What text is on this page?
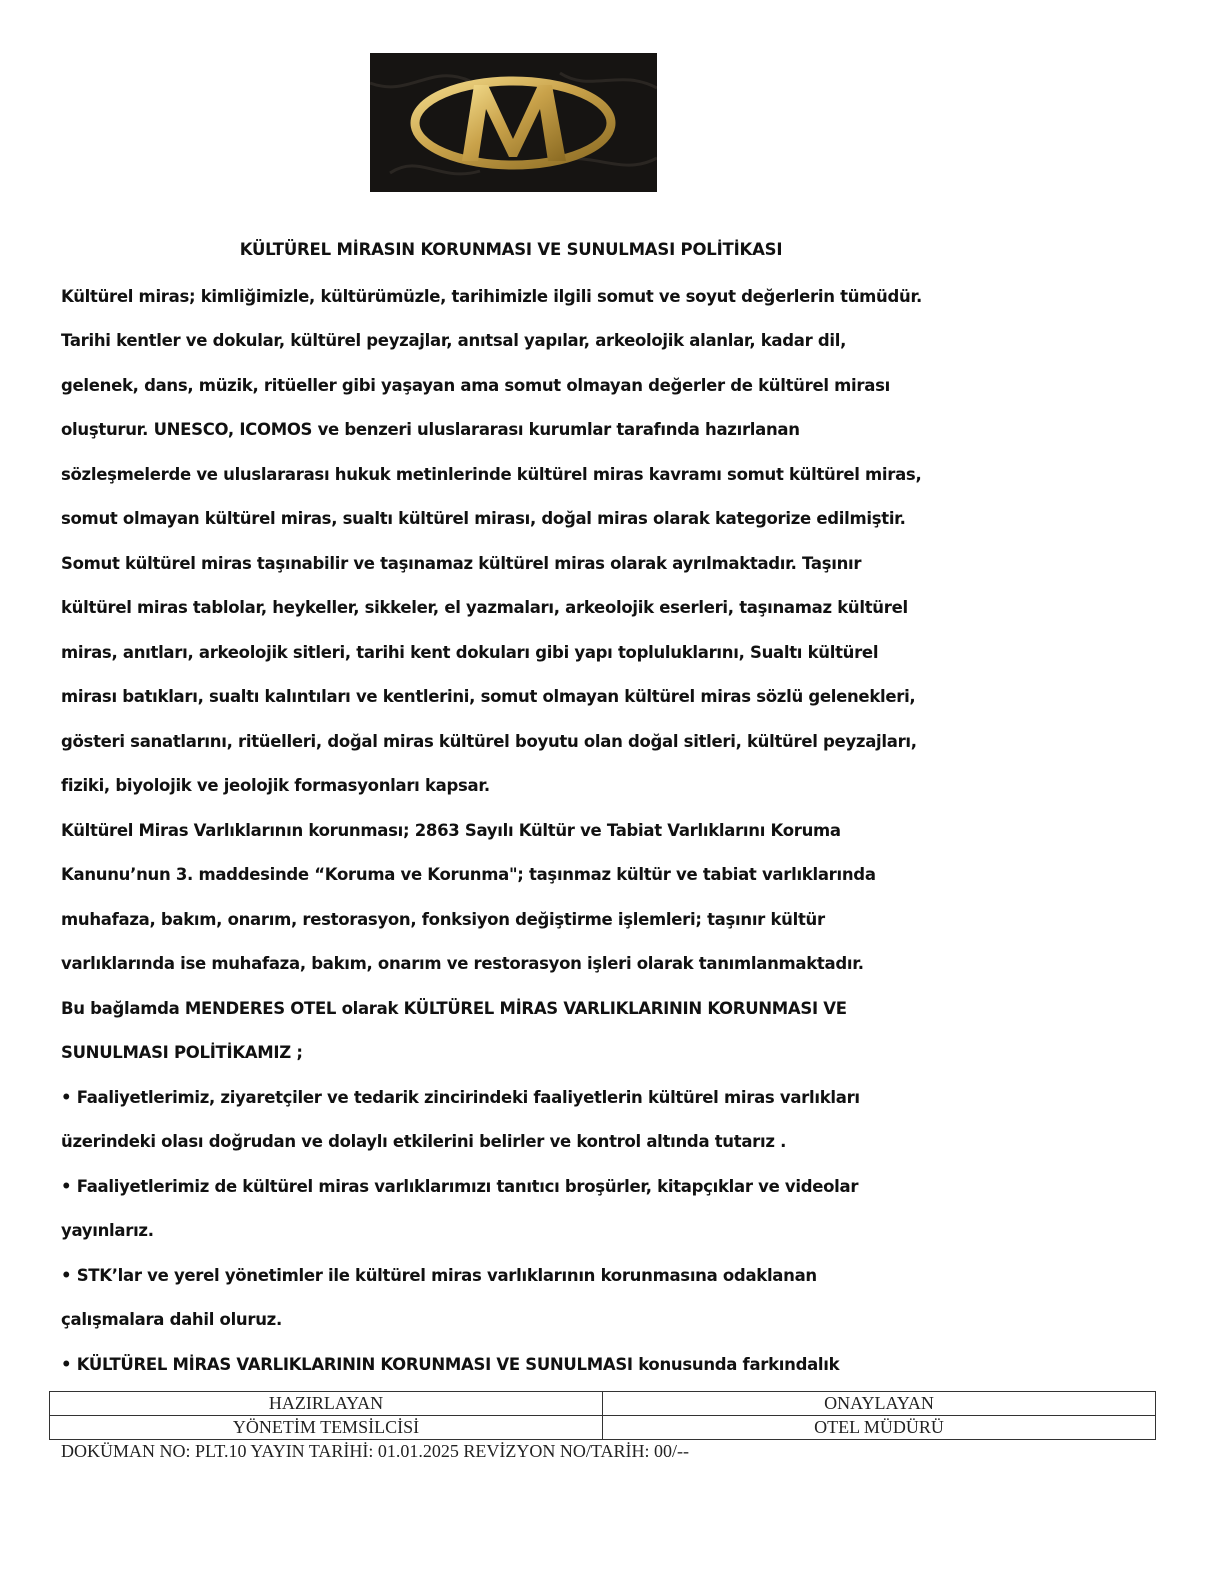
KÜLTÜREL MİRASIN KORUNMASI VE SUNULMASI POLİTİKASI
Kültürel miras; kimliğimizle, kültürümüzle, tarihimizle ilgili somut ve soyut değerlerin tümüdür.
Tarihi kentler ve dokular, kültürel peyzajlar, anıtsal yapılar, arkeolojik alanlar, kadar dil,
gelenek, dans, müzik, ritüeller gibi yaşayan ama somut olmayan değerler de kültürel mirası
oluşturur. UNESCO, ICOMOS ve benzeri uluslararası kurumlar tarafında hazırlanan
sözleşmelerde ve uluslararası hukuk metinlerinde kültürel miras kavramı somut kültürel miras,
somut olmayan kültürel miras, sualtı kültürel mirası, doğal miras olarak kategorize edilmiştir.
Somut kültürel miras taşınabilir ve taşınamaz kültürel miras olarak ayrılmaktadır. Taşınır
kültürel miras tablolar, heykeller, sikkeler, el yazmaları, arkeolojik eserleri, taşınamaz kültürel
miras, anıtları, arkeolojik sitleri, tarihi kent dokuları gibi yapı topluluklarını, Sualtı kültürel
mirası batıkları, sualtı kalıntıları ve kentlerini, somut olmayan kültürel miras sözlü gelenekleri,
gösteri sanatlarını, ritüelleri, doğal miras kültürel boyutu olan doğal sitleri, kültürel peyzajları,
fiziki, biyolojik ve jeolojik formasyonları kapsar.
Kültürel Miras Varlıklarının korunması; 2863 Sayılı Kültür ve Tabiat Varlıklarını Koruma
Kanunu’nun 3. maddesinde “Koruma ve Korunma"; taşınmaz kültür ve tabiat varlıklarında
muhafaza, bakım, onarım, restorasyon, fonksiyon değiştirme işlemleri; taşınır kültür
varlıklarında ise muhafaza, bakım, onarım ve restorasyon işleri olarak tanımlanmaktadır.
Bu bağlamda MENDERES OTEL olarak KÜLTÜREL MİRAS VARLIKLARININ KORUNMASI VE
SUNULMASI POLİTİKAMIZ ;
• Faaliyetlerimiz, ziyaretçiler ve tedarik zincirindeki faaliyetlerin kültürel miras varlıkları
üzerindeki olası doğrudan ve dolaylı etkilerini belirler ve kontrol altında tutarız .
• Faaliyetlerimiz de kültürel miras varlıklarımızı tanıtıcı broşürler, kitapçıklar ve videolar
yayınlarız.
• STK’lar ve yerel yönetimler ile kültürel miras varlıklarının korunmasına odaklanan
çalışmalara dahil oluruz.
• KÜLTÜREL MİRAS VARLIKLARININ KORUNMASI VE SUNULMASI konusunda farkındalık
HAZIRLAYAN	ONAYLAYAN
YÖNETİM TEMSİLCİSİ	OTEL MÜDÜRÜ
DOKÜMAN NO: PLT.10 YAYIN TARİHİ: 01.01.2025 REVİZYON NO/TARİH: 00/--
